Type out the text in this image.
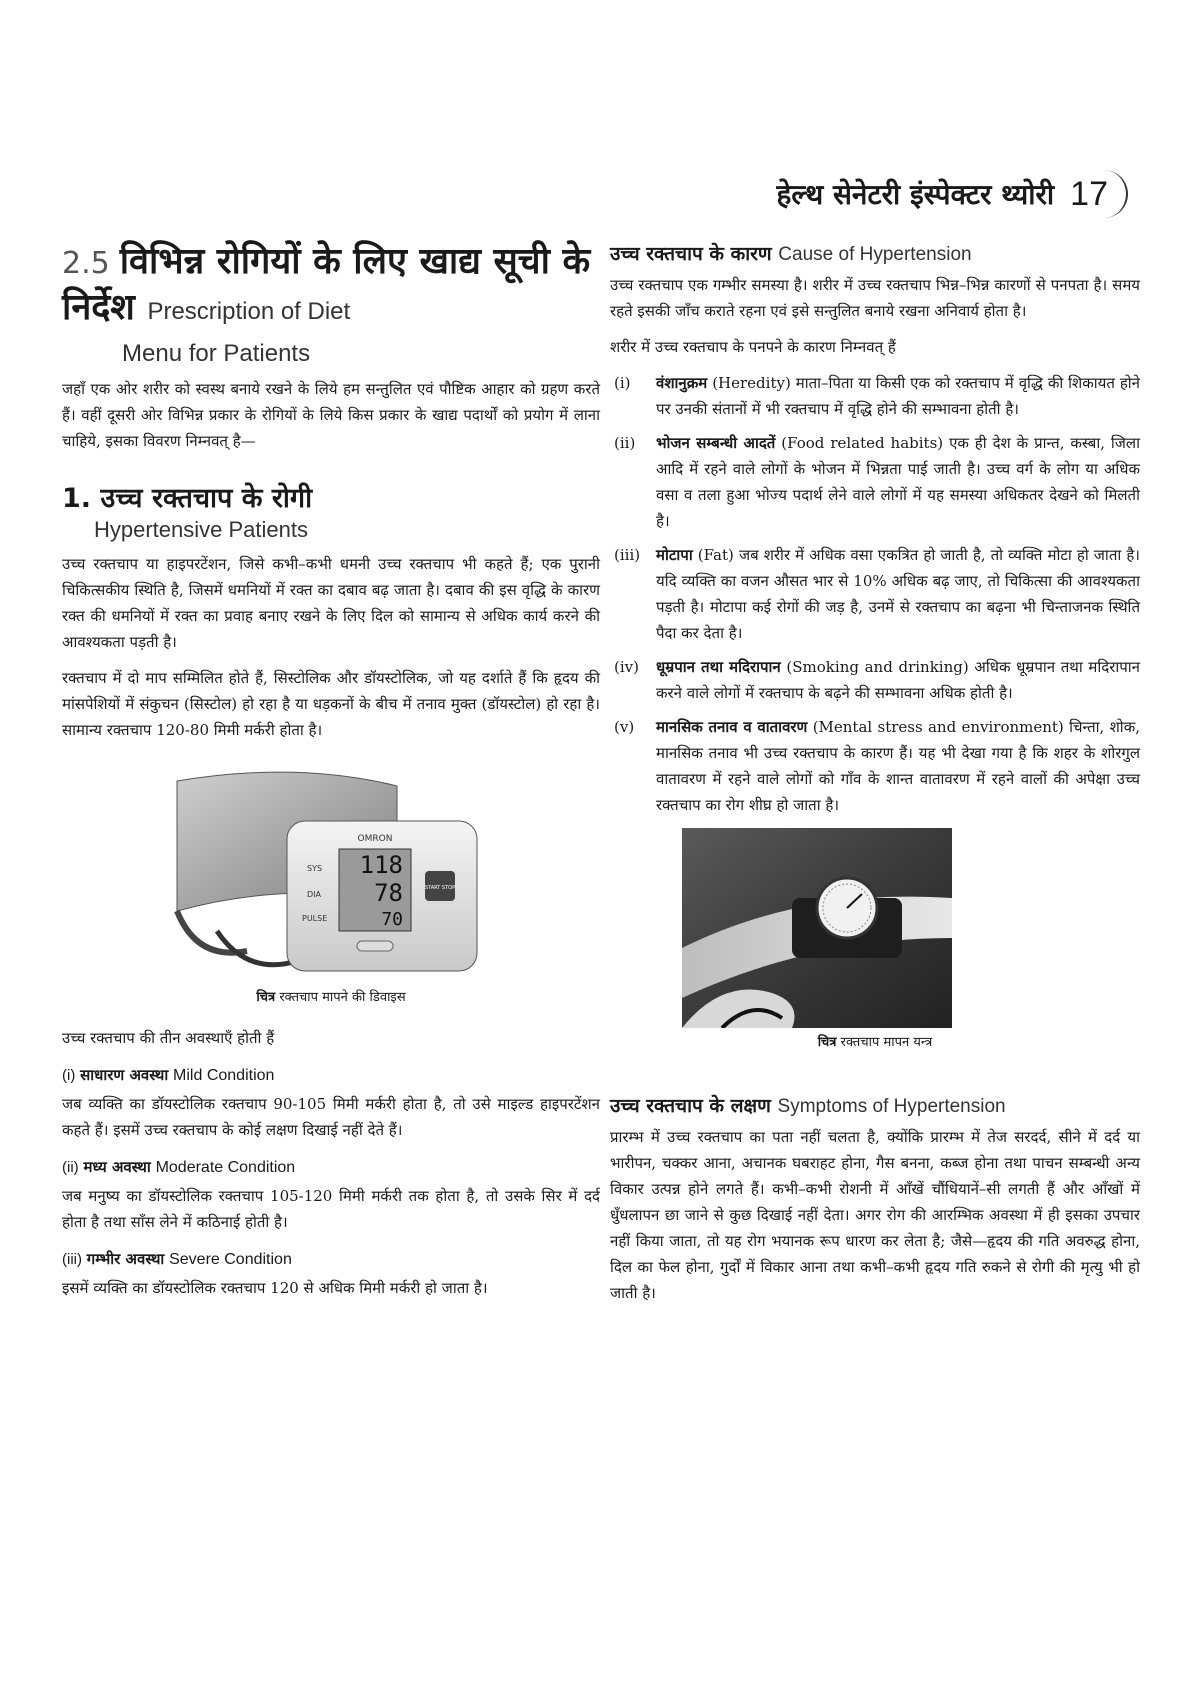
हेल्थ सेनेटरी इंस्पेक्टर थ्योरी 17
2.5 विभिन्न रोगियों के लिए खाद्य सूची के निर्देश Prescription of Diet
Menu for Patients

जहाँ एक ओर शरीर को स्वस्थ बनाये रखने के लिये हम सन्तुलित एवं पौष्टिक आहार को ग्रहण करते हैं। वहीं दूसरी ओर विभिन्न प्रकार के रोगियों के लिये किस प्रकार के खाद्य पदार्थों को प्रयोग में लाना चाहिये, इसका विवरण निम्नवत् है—

1. उच्च रक्तचाप के रोगी
Hypertensive Patients

उच्च रक्तचाप या हाइपरटेंशन, जिसे कभी–कभी धमनी उच्च रक्तचाप भी कहते हैं; एक पुरानी चिकित्सकीय स्थिति है, जिसमें धमनियों में रक्त का दबाव बढ़ जाता है। दबाव की इस वृद्धि के कारण रक्त की धमनियों में रक्त का प्रवाह बनाए रखने के लिए दिल को सामान्य से अधिक कार्य करने की आवश्यकता पड़ती है।

रक्तचाप में दो माप सम्मिलित होते हैं, सिस्टोलिक और डॉयस्टोलिक, जो यह दर्शाते हैं कि हृदय की मांसपेशियों में संकुचन (सिस्टोल) हो रहा है या धड़कनों के बीच में तनाव मुक्त (डॉयस्टोल) हो रहा है। सामान्य रक्तचाप 120-80 मिमी मर्करी होता है।

OMRON
SYS
DIA
PULSE
118
78
70
START STOP
चित्र रक्तचाप मापने की डिवाइस

उच्च रक्तचाप की तीन अवस्थाएँ होती हैं

(i) साधारण अवस्था Mild Condition

जब व्यक्ति का डॉयस्टोलिक रक्तचाप 90-105 मिमी मर्करी होता है, तो उसे माइल्ड हाइपरटेंशन कहते हैं। इसमें उच्च रक्तचाप के कोई लक्षण दिखाई नहीं देते हैं।

(ii) मध्य अवस्था Moderate Condition

जब मनुष्य का डॉयस्टोलिक रक्तचाप 105-120 मिमी मर्करी तक होता है, तो उसके सिर में दर्द होता है तथा साँस लेने में कठिनाई होती है।

(iii) गम्भीर अवस्था Severe Condition

इसमें व्यक्ति का डॉयस्टोलिक रक्तचाप 120 से अधिक मिमी मर्करी हो जाता है।

उच्च रक्तचाप के कारण Cause of Hypertension

उच्च रक्तचाप एक गम्भीर समस्या है। शरीर में उच्च रक्तचाप भिन्न–भिन्न कारणों से पनपता है। समय रहते इसकी जाँच कराते रहना एवं इसे सन्तुलित बनाये रखना अनिवार्य होता है।

शरीर में उच्च रक्तचाप के पनपने के कारण निम्नवत् हैं

(i)	वंशानुक्रम (Heredity) माता–पिता या किसी एक को रक्तचाप में वृद्धि की शिकायत होने पर उनकी संतानों में भी रक्तचाप में वृद्धि होने की सम्भावना होती है।

(ii)	भोजन सम्बन्धी आदतें (Food related habits) एक ही देश के प्रान्त, कस्बा, जिला आदि में रहने वाले लोगों के भोजन में भिन्नता पाई जाती है। उच्च वर्ग के लोग या अधिक वसा व तला हुआ भोज्य पदार्थ लेने वाले लोगों में यह समस्या अधिकतर देखने को मिलती है।

(iii)	मोटापा (Fat) जब शरीर में अधिक वसा एकत्रित हो जाती है, तो व्यक्ति मोटा हो जाता है। यदि व्यक्ति का वजन औसत भार से 10% अधिक बढ़ जाए, तो चिकित्सा की आवश्यकता पड़ती है। मोटापा कई रोगों की जड़ है, उनमें से रक्तचाप का बढ़ना भी चिन्ताजनक स्थिति पैदा कर देता है।

(iv)	धूम्रपान तथा मदिरापान (Smoking and drinking) अधिक धूम्रपान तथा मदिरापान करने वाले लोगों में रक्तचाप के बढ़ने की सम्भावना अधिक होती है।

(v)	मानसिक तनाव व वातावरण (Mental stress and environment) चिन्ता, शोक, मानसिक तनाव भी उच्च रक्तचाप के कारण हैं। यह भी देखा गया है कि शहर के शोरगुल वातावरण में रहने वाले लोगों को गाँव के शान्त वातावरण में रहने वालों की अपेक्षा उच्च रक्तचाप का रोग शीघ्र हो जाता है।

चित्र रक्तचाप मापन यन्त्र
उच्च रक्तचाप के लक्षण Symptoms of Hypertension

प्रारम्भ में उच्च रक्तचाप का पता नहीं चलता है, क्योंकि प्रारम्भ में तेज सरदर्द, सीने में दर्द या भारीपन, चक्कर आना, अचानक घबराहट होना, गैस बनना, कब्ज होना तथा पाचन सम्बन्धी अन्य विकार उत्पन्न होने लगते हैं। कभी–कभी रोशनी में आँखें चौंधियानें–सी लगती हैं और आँखों में धुँधलापन छा जाने से कुछ दिखाई नहीं देता। अगर रोग की आरम्भिक अवस्था में ही इसका उपचार नहीं किया जाता, तो यह रोग भयानक रूप धारण कर लेता है; जैसे—हृदय की गति अवरुद्ध होना, दिल का फेल होना, गुर्दों में विकार आना तथा कभी–कभी हृदय गति रुकने से रोगी की मृत्यु भी हो जाती है।
